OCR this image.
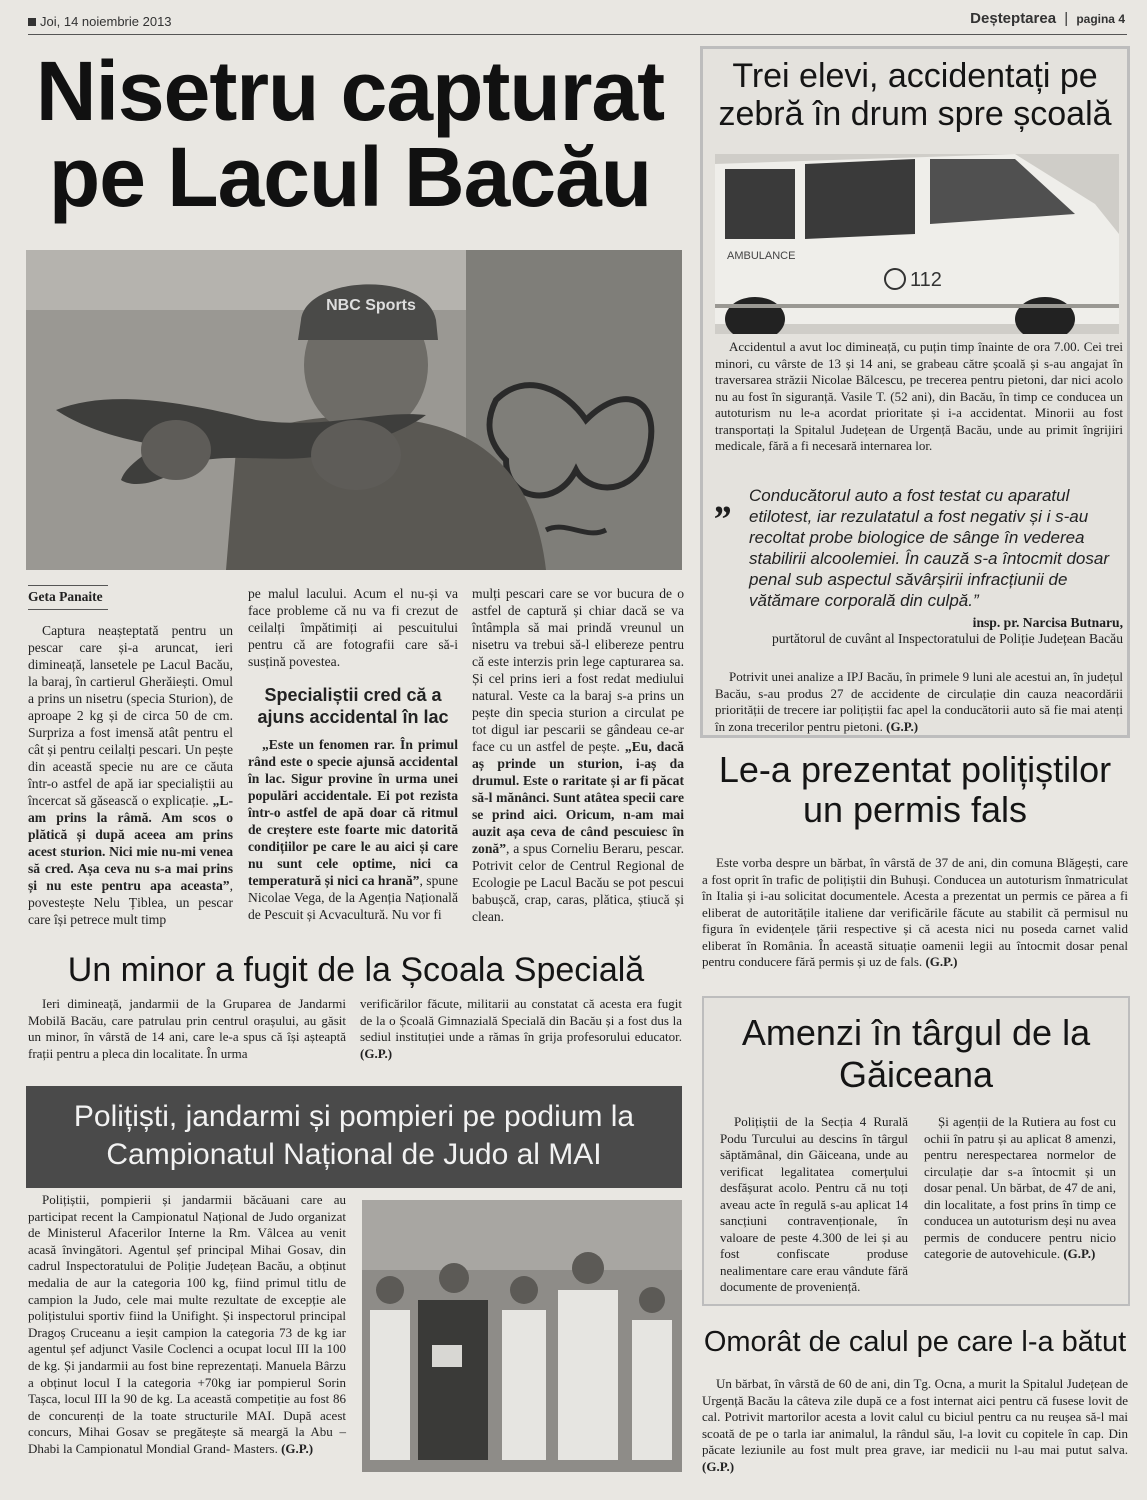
Joi, 14 noiembrie 2013	Deșteptarea | pagina 4
Nisetru capturat pe Lacul Bacău
NBC Sports
Geta Panaite

Captura neașteptată pentru un pescar care și-a aruncat, ieri dimineață, lansetele pe Lacul Bacău, la baraj, în cartierul Gherăiești. Omul a prins un nisetru (specia Sturion), de aproape 2 kg și de circa 50 de cm. Surpriza a fost imensă atât pentru el cât și pentru ceilalți pescari. Un pește din această specie nu are ce căuta într-o astfel de apă iar specialiștii au încercat să găsească o explicație. „L-am prins la râmă. Am scos o plătică și după aceea am prins acest sturion. Nici mie nu-mi venea să cred. Așa ceva nu s-a mai prins și nu este pentru apa aceasta”, povestește Nelu Țiblea, un pescar care își petrece mult timp

pe malul lacului. Acum el nu-și va face probleme că nu va fi crezut de ceilalți împătimiți ai pescuitului pentru că are fotografii care să-i susțină povestea.

Specialiștii cred că a ajuns accidental în lac

„Este un fenomen rar. În primul rând este o specie ajunsă accidental în lac. Sigur provine în urma unei populări accidentale. Ei pot rezista într-o astfel de apă doar că ritmul de creștere este foarte mic datorită condițiilor pe care le au aici și care nu sunt cele optime, nici ca temperatură și nici ca hrană”, spune Nicolae Vega, de la Agenția Națională de Pescuit și Acvacultură. Nu vor fi

mulți pescari care se vor bucura de o astfel de captură și chiar dacă se va întâmpla să mai prindă vreunul un nisetru va trebui să-l elibereze pentru că este interzis prin lege capturarea sa. Și cel prins ieri a fost redat mediului natural. Veste ca la baraj s-a prins un pește din specia sturion a circulat pe tot digul iar pescarii se gândeau ce-ar face cu un astfel de pește. „Eu, dacă aș prinde un sturion, i-aș da drumul. Este o raritate și ar fi păcat să-l mănânci. Sunt atâtea specii care se prind aici. Oricum, n-am mai auzit așa ceva de când pescuiesc în zonă”, a spus Corneliu Beraru, pescar. Potrivit celor de Centrul Regional de Ecologie pe Lacul Bacău se pot pescui babușcă, crap, caras, plătica, știucă și clean.

Trei elevi, accidentați pe zebră în drum spre școală
AMBULANCE
112

Accidentul a avut loc dimineață, cu puțin timp înainte de ora 7.00. Cei trei minori, cu vârste de 13 și 14 ani, se grabeau către școală și s-au angajat în traversarea străzii Nicolae Bălcescu, pe trecerea pentru pietoni, dar nici acolo nu au fost în siguranță. Vasile T. (52 ani), din Bacău, în timp ce conducea un autoturism nu le-a acordat prioritate și i-a accidentat. Minorii au fost transportați la Spitalul Județean de Urgență Bacău, unde au primit îngrijiri medicale, fără a fi necesară internarea lor.

„ Conducătorul auto a fost testat cu aparatul etilotest, iar rezulatatul a fost negativ și i s-au recoltat probe biologice de sânge în vederea stabilirii alcoolemiei. În cauză s-a întocmit dosar penal sub aspectul săvârșirii infracțiunii de vătămare corporală din culpă.”
insp. pr. Narcisa Butnaru,
purtătorul de cuvânt al Inspectoratului de Poliție Județean Bacău

Potrivit unei analize a IPJ Bacău, în primele 9 luni ale acestui an, în județul Bacău, s-au produs 27 de accidente de circulație din cauza neacordării priorității de trecere iar polițiștii fac apel la conducătorii auto să fie mai atenți în zona trecerilor pentru pietoni. (G.P.)

Le-a prezentat polițiștilor un permis fals

Este vorba despre un bărbat, în vârstă de 37 de ani, din comuna Blăgești, care a fost oprit în trafic de polițiștii din Buhuși. Conducea un autoturism înmatriculat în Italia și i-au solicitat documentele. Acesta a prezentat un permis ce părea a fi eliberat de autoritățile italiene dar verificările făcute au stabilit că permisul nu figura în evidențele țării respective și că acesta nici nu poseda carnet valid eliberat în România. În această situație oamenii legii au întocmit dosar penal pentru conducere fără permis și uz de fals. (G.P.)

Un minor a fugit de la Școala Specială

Ieri dimineață, jandarmii de la Gruparea de Jandarmi Mobilă Bacău, care patrulau prin centrul orașului, au găsit un minor, în vârstă de 14 ani, care le-a spus că își așteaptă frații pentru a pleca din localitate. În urma

verificărilor făcute, militarii au constatat că acesta era fugit de la o Școală Gimnazială Specială din Bacău și a fost dus la sediul instituției unde a rămas în grija profesorului educator. (G.P.)

Polițiști, jandarmi și pompieri pe podium la Campionatul Național de Judo al MAI

Polițiștii, pompierii și jandarmii băcăuani care au participat recent la Campionatul Național de Judo organizat de Ministerul Afacerilor Interne la Rm. Vâlcea au venit acasă învingători. Agentul șef principal Mihai Gosav, din cadrul Inspectoratului de Poliție Județean Bacău, a obținut medalia de aur la categoria 100 kg, fiind primul titlu de campion la Judo, cele mai multe rezultate de excepție ale polițistului sportiv fiind la Unifight. Și inspectorul principal Dragoș Cruceanu a ieșit campion la categoria 73 de kg iar agentul șef adjunct Vasile Coclenci a ocupat locul III la 100 de kg. Și jandarmii au fost bine reprezentați. Manuela Bârzu a obținut locul I la categoria +70kg iar pompierul Sorin Tașca, locul III la 90 de kg. La această competiție au fost 86 de concurenți de la toate structurile MAI. După acest concurs, Mihai Gosav se pregătește să meargă la Abu – Dhabi la Campionatul Mondial Grand- Masters. (G.P.)

Amenzi în târgul de la Găiceana

Polițiștii de la Secția 4 Rurală Podu Turcului au descins în târgul săptămânal, din Găiceana, unde au verificat legalitatea comerțului desfășurat acolo. Pentru că nu toți aveau acte în regulă s-au aplicat 14 sancțiuni contravenționale, în valoare de peste 4.300 de lei și au fost confiscate produse nealimentare care erau vândute fără documente de proveniență.

Și agenții de la Rutiera au fost cu ochii în patru și au aplicat 8 amenzi, pentru nerespectarea normelor de circulație dar s-a întocmit și un dosar penal. Un bărbat, de 47 de ani, din localitate, a fost prins în timp ce conducea un autoturism deși nu avea permis de conducere pentru nicio categorie de autovehicule. (G.P.)

Omorât de calul pe care l-a bătut

Un bărbat, în vârstă de 60 de ani, din Tg. Ocna, a murit la Spitalul Județean de Urgență Bacău la câteva zile după ce a fost internat aici pentru că fusese lovit de cal. Potrivit martorilor acesta a lovit calul cu biciul pentru ca nu reușea să-l mai scoată de pe o tarla iar animalul, la rândul său, l-a lovit cu copitele în cap. Din păcate leziunile au fost mult prea grave, iar medicii nu l-au mai putut salva. (G.P.)
